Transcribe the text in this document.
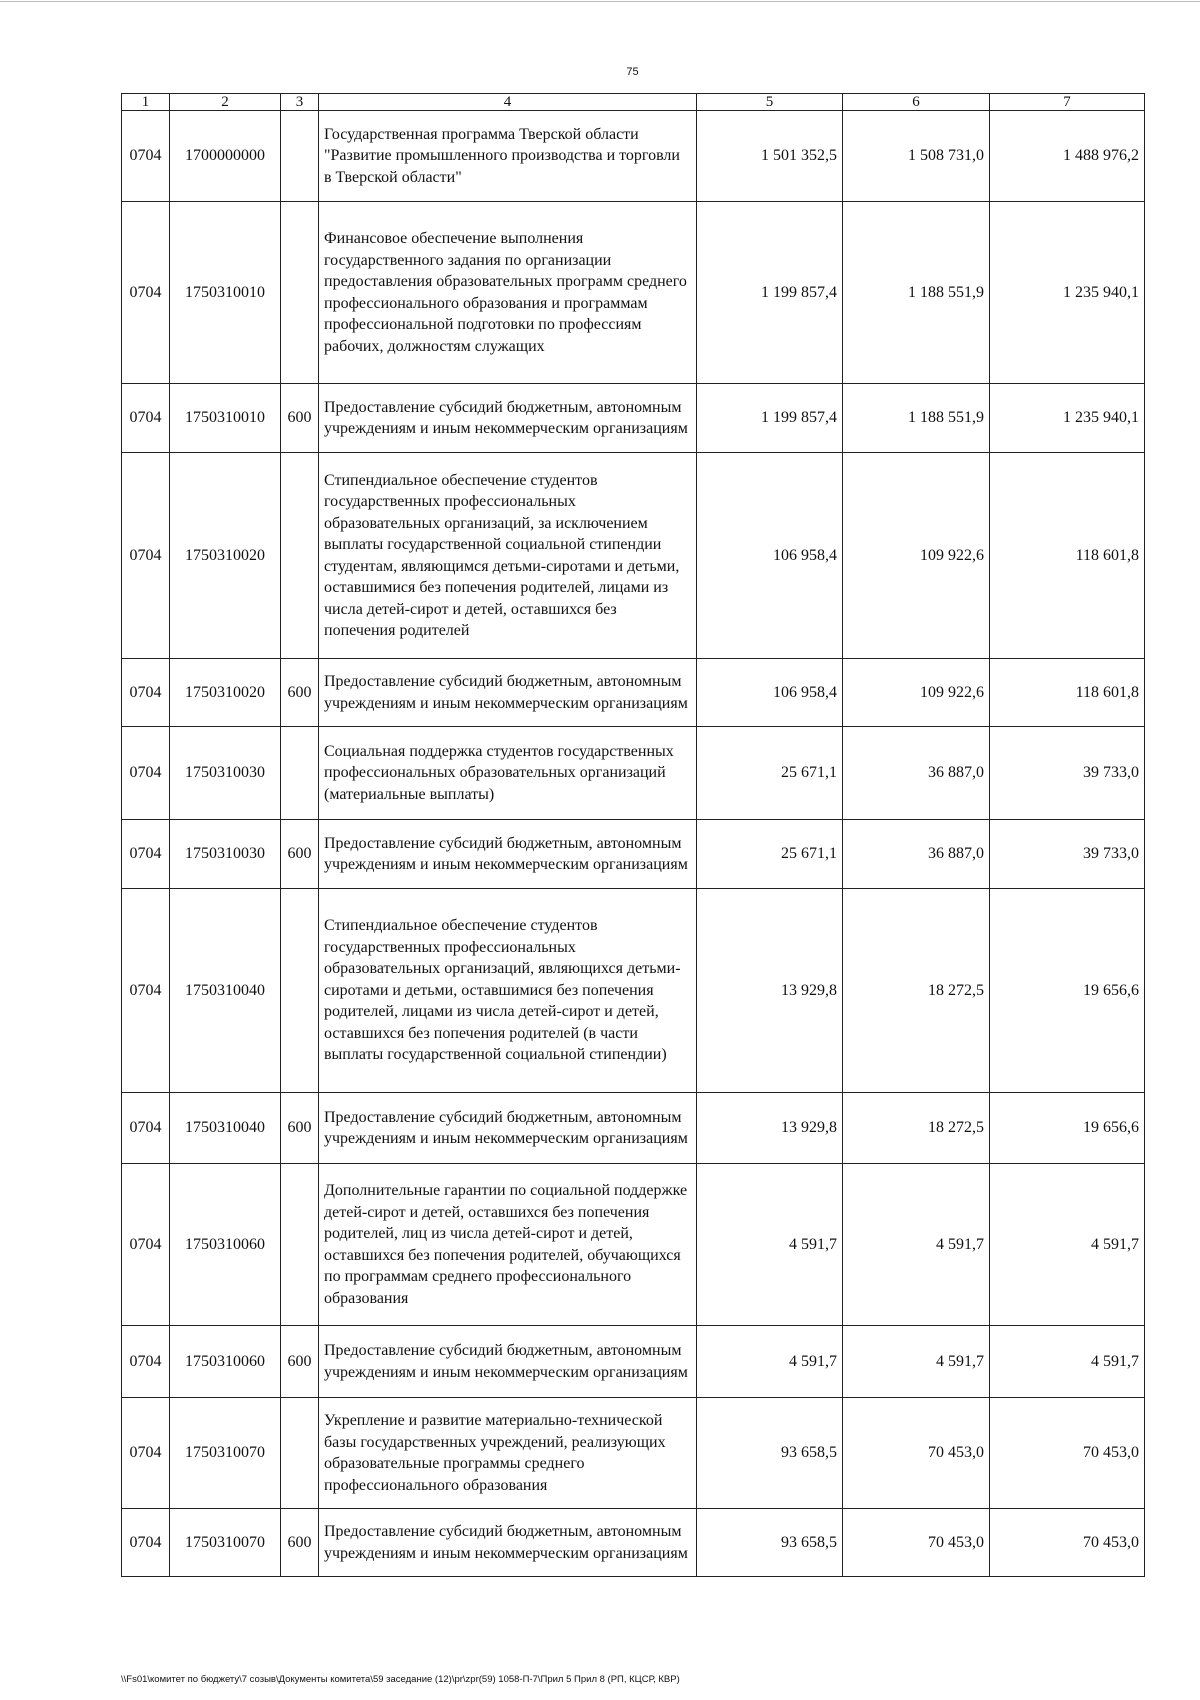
75
1	2	3	4	5	6	7
0704	1700000000		Государственная программа Тверской области "Развитие промышленного производства и торговли в Тверской области"	1 501 352,5	1 508 731,0	1 488 976,2
0704	1750310010		Финансовое обеспечение выполнения государственного задания по организации предоставления образовательных программ среднего профессионального образования и программам профессиональной подготовки по профессиям рабочих, должностям служащих	1 199 857,4	1 188 551,9	1 235 940,1
0704	1750310010	600	Предоставление субсидий бюджетным, автономным учреждениям и иным некоммерческим организациям	1 199 857,4	1 188 551,9	1 235 940,1
0704	1750310020		Стипендиальное обеспечение студентов государственных профессиональных образовательных организаций, за исключением выплаты государственной социальной стипендии студентам, являющимся детьми-сиротами и детьми, оставшимися без попечения родителей, лицами из числа детей-сирот и детей, оставшихся без попечения родителей	106 958,4	109 922,6	118 601,8
0704	1750310020	600	Предоставление субсидий бюджетным, автономным учреждениям и иным некоммерческим организациям	106 958,4	109 922,6	118 601,8
0704	1750310030		Социальная поддержка студентов государственных профессиональных образовательных организаций (материальные выплаты)	25 671,1	36 887,0	39 733,0
0704	1750310030	600	Предоставление субсидий бюджетным, автономным учреждениям и иным некоммерческим организациям	25 671,1	36 887,0	39 733,0
0704	1750310040		Стипендиальное обеспечение студентов государственных профессиональных образовательных организаций, являющихся детьми-сиротами и детьми, оставшимися без попечения родителей, лицами из числа детей-сирот и детей, оставшихся без попечения родителей (в части выплаты государственной социальной стипендии)	13 929,8	18 272,5	19 656,6
0704	1750310040	600	Предоставление субсидий бюджетным, автономным учреждениям и иным некоммерческим организациям	13 929,8	18 272,5	19 656,6
0704	1750310060		Дополнительные гарантии по социальной поддержке детей-сирот и детей, оставшихся без попечения родителей, лиц из числа детей-сирот и детей, оставшихся без попечения родителей, обучающихся по программам среднего профессионального образования	4 591,7	4 591,7	4 591,7
0704	1750310060	600	Предоставление субсидий бюджетным, автономным учреждениям и иным некоммерческим организациям	4 591,7	4 591,7	4 591,7
0704	1750310070		Укрепление и развитие материально-технической базы государственных учреждений, реализующих образовательные программы среднего профессионального образования	93 658,5	70 453,0	70 453,0
0704	1750310070	600	Предоставление субсидий бюджетным, автономным учреждениям и иным некоммерческим организациям	93 658,5	70 453,0	70 453,0
\\Fs01\комитет по бюджету\7 созыв\Документы комитета\59 заседание (12)\pr\zpr(59) 1058-П-7\Прил 5 Прил 8 (РП, КЦСР, КВР)
